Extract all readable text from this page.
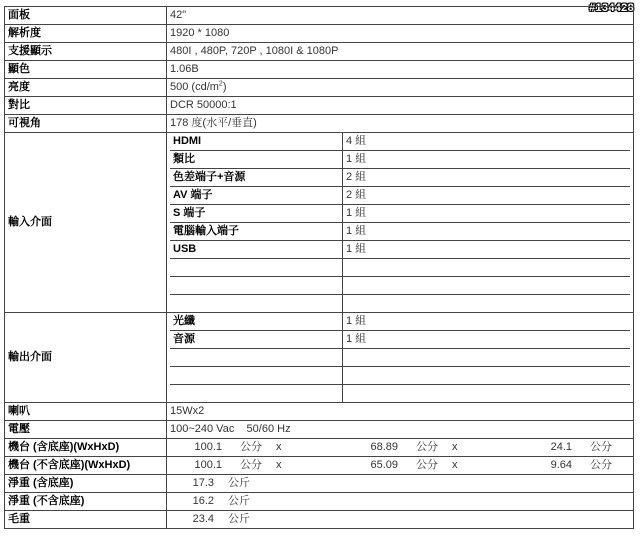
#134428
面板	42"
解析度	1920 * 1080
支援顯示	480I , 480P, 720P , 1080I & 1080P
顯色	1.06B
亮度	500 $(cd/m^2)$
對比	DCR 50000:1
可視角	178 度(水平/垂直)
輸入介面	
HDMI	4 組
類比	1 組
色差端子+音源	2 組
AV 端子	2 組
S 端子	1 組
電腦輸入端子	1 組
USB	1 組

輸出介面	
光纖	1 組
音源	1 組

喇叭	15Wx2
電壓	100~240 Vac    50/60 Hz
機台 (含底座)(WxHxD)	100.1	公分	x	68.89	公分	x	24.1	公分

機台 (不含底座)(WxHxD)	100.1	公分	x	65.09	公分	x	9.64	公分

淨重 (含底座)	17.3	公斤

淨重 (不含底座)	16.2	公斤

毛重	23.4	公斤
